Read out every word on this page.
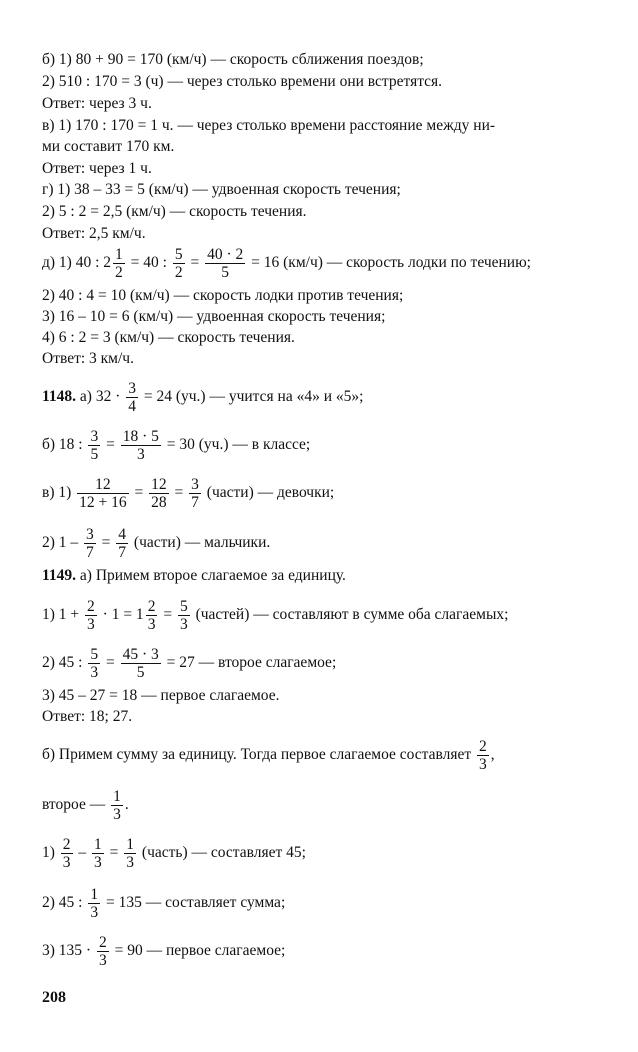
б) 1) 80 + 90 = 170 (км/ч) — скорость сближения поездов;
2) 510 : 170 = 3 (ч) — через столько времени они встретятся.
Ответ: через 3 ч.
в) 1) 170 : 170 = 1 ч. — через столько времени расстояние между ни-
ми составит 170 км.
Ответ: через 1 ч.
г) 1) 38 – 33 = 5 (км/ч) — удвоенная скорость течения;
2) 5 : 2 = 2,5 (км/ч) — скорость течения.
Ответ: 2,5 км/ч.
д) 1) 40 : $2 \frac{1}{2} = 40$ : $\frac{5}{2} = \frac{40 \cdot 2}{5} = 16$ (км/ч) — скорость лодки по течению;
2) 40 : 4 = 10 (км/ч) — скорость лодки против течения;
3) 16 – 10 = 6 (км/ч) — удвоенная скорость течения;
4) 6 : 2 = 3 (км/ч) — скорость течения.
Ответ: 3 км/ч.
1148. а) $32 \cdot \frac{3}{4} = 24$ (уч.) — учится на «4» и «5»;
б) 18 : $\frac{3}{5} = \frac{18 \cdot 5}{3} = 30$ (уч.) — в классе;
в) $1) \frac{12}{12 + 16} = \frac{12}{28} = \frac{3}{7}$ (части) — девочки;
2) $1 - \frac{3}{7} = \frac{4}{7}$ (части) — мальчики.
1149. а) Примем второе слагаемое за единицу.
1) $1 + \frac{2}{3} \cdot 1 = 1 \frac{2}{3} = \frac{5}{3}$ (частей) — составляют в сумме оба слагаемых;
2) 45 : $\frac{5}{3} = \frac{45 \cdot 3}{5} = 27$ — второе слагаемое;
3) 45 – 27 = 18 — первое слагаемое.
Ответ: 18; 27.
б) Примем сумму за единицу. Тогда первое слагаемое составляет $\frac{2}{3}$ ,
второе — $\frac{1}{3}$ .
$1) \frac{2}{3} - \frac{1}{3} = \frac{1}{3}$ (часть) — составляет 45;
2) 45 : $\frac{1}{3} = 135$ — составляет сумма;
3) $135 \cdot \frac{2}{3} = 90$ — первое слагаемое;
208
